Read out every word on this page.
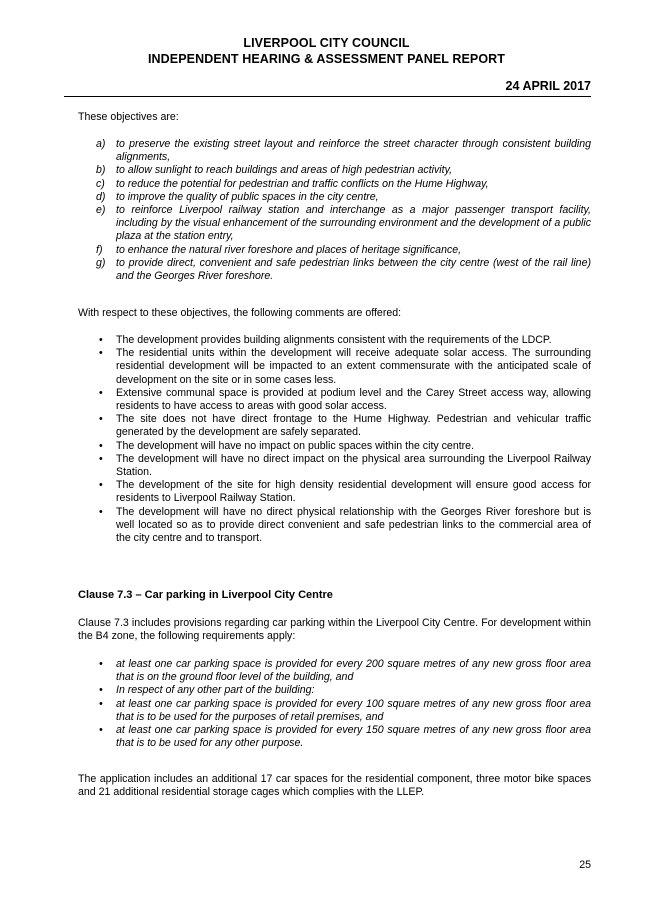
LIVERPOOL CITY COUNCIL
INDEPENDENT HEARING & ASSESSMENT PANEL REPORT
24 APRIL 2017

These objectives are:

a) to preserve the existing street layout and reinforce the street character through consistent building alignments,
b) to allow sunlight to reach buildings and areas of high pedestrian activity,
c) to reduce the potential for pedestrian and traffic conflicts on the Hume Highway,
d) to improve the quality of public spaces in the city centre,
e) to reinforce Liverpool railway station and interchange as a major passenger transport facility, including by the visual enhancement of the surrounding environment and the development of a public plaza at the station entry,
f) to enhance the natural river foreshore and places of heritage significance,
g) to provide direct, convenient and safe pedestrian links between the city centre (west of the rail line) and the Georges River foreshore.

With respect to these objectives, the following comments are offered:

• The development provides building alignments consistent with the requirements of the LDCP.
• The residential units within the development will receive adequate solar access. The surrounding residential development will be impacted to an extent commensurate with the anticipated scale of development on the site or in some cases less.
• Extensive communal space is provided at podium level and the Carey Street access way, allowing residents to have access to areas with good solar access.
• The site does not have direct frontage to the Hume Highway. Pedestrian and vehicular traffic generated by the development are safely separated.
• The development will have no impact on public spaces within the city centre.
• The development will have no direct impact on the physical area surrounding the Liverpool Railway Station.
• The development of the site for high density residential development will ensure good access for residents to Liverpool Railway Station.
• The development will have no direct physical relationship with the Georges River foreshore but is well located so as to provide direct convenient and safe pedestrian links to the commercial area of the city centre and to transport.

Clause 7.3 – Car parking in Liverpool City Centre

Clause 7.3 includes provisions regarding car parking within the Liverpool City Centre. For development within the B4 zone, the following requirements apply:

• at least one car parking space is provided for every 200 square metres of any new gross floor area that is on the ground floor level of the building, and
• In respect of any other part of the building:
• at least one car parking space is provided for every 100 square metres of any new gross floor area that is to be used for the purposes of retail premises, and
• at least one car parking space is provided for every 150 square metres of any new gross floor area that is to be used for any other purpose.

The application includes an additional 17 car spaces for the residential component, three motor bike spaces and 21 additional residential storage cages which complies with the LLEP.

25
